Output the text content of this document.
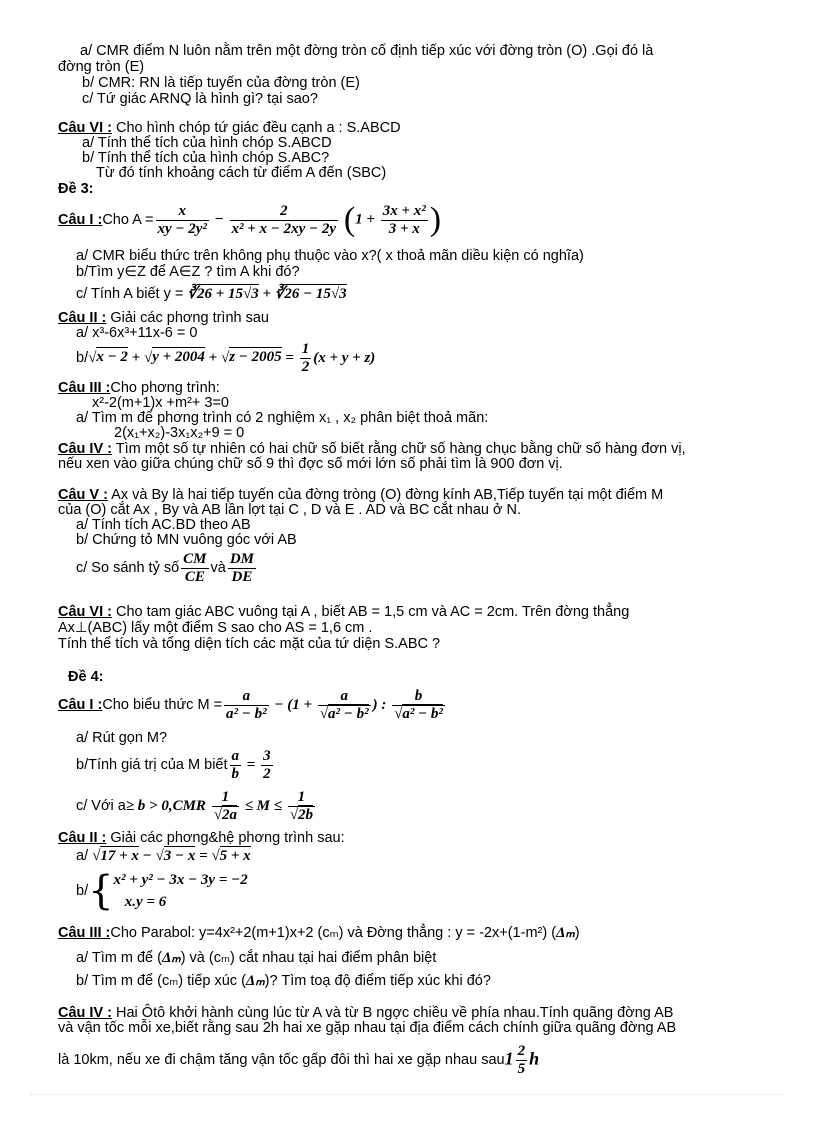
a/ CMR điểm N luôn nằm trên một đờng tròn cố định tiếp xúc với đờng tròn (O) .Gọi đó là
đờng tròn (E)
b/ CMR: RN là tiếp tuyến của đờng tròn (E)
c/ Tứ giác ARNQ là hình gì? tại sao?
Câu VI : Cho hình chóp tứ giác đều cạnh a : S.ABCD
a/ Tính thể tích của hình chóp S.ABCD
b/ Tính thể tích của hình chóp S.ABC?
Từ đó tính khoảng cách từ điểm A đến (SBC)
Đề 3:
Câu I : Cho $A = \frac{x}{\text{xy − 2y²}} - \frac{2}{\text{x² + x − 2xy − 2y}} (1 + \frac{\text{3x + x²}}{3 + x}$ )
a/ CMR biểu thức trên không phụ thuộc vào x?( x thoả mãn diều kiện có nghĩa)
b/Tìm y∈Z để A∈Z ? tìm A khi đó?
c/ Tính A biết y = ∛26 + 15√3 + ∛26 − 15√3
Câu II : Giải các phơng trình sau
a/ x³-6x³+11x-6 = 0
b/ $√x - 2 + √y + 2004 + √z - 2005 = \frac{1}{2} (x + y + z)$
Câu III :Cho phơng trình:
x²-2(m+1)x +m²+ 3=0
a/ Tìm m để phơng trình có 2 nghiệm x₁ , x₂ phân biệt thoả mãn:
2(x₁+x₂)-3x₁x₂+9 = 0
Câu IV : Tìm một số tự nhiên có hai chữ số biết rằng chữ số hàng chục bằng chữ số hàng đơn vị,
nếu xen vào giữa chúng chữ số 9 thì đợc số mới lớn số phải tìm là 900 đơn vị.
Câu V : Ax và By là hai tiếp tuyến của đờng tròng (O) đờng kính AB,Tiếp tuyến tại một điểm M
của (O) cắt Ax , By và AB lần lợt tại C , D và E . AD và BC cắt nhau ở N.
a/ Tính tích AC.BD theo AB
b/ Chứng tỏ MN vuông góc với AB
c/ So sánh tỷ số $\frac{CM}{CE}$ và $\frac{DM}{DE}$
Câu VI : Cho tam giác ABC vuông tại A , biết AB = 1,5 cm và AC = 2cm. Trên đờng thẳng
Ax⊥(ABC) lấy một điểm S sao cho AS = 1,6 cm .
Tính thể tích và tổng diện tích các mặt của tứ diện S.ABC ?
Đề 4:
Câu I : Cho biểu thức $M = \frac{a}{\text{a² − b²}} - (1 + \frac{a}{\text{√a² − b²}}$ ) : $\frac{b}{\text{√a² − b²}}$
a/ Rút gọn M?
b/Tính giá trị của M biết $\frac{a}{b} = \frac{3}{2}$
c/ Với $a \ge b > 0,CMR \frac{1}{√2a} \le M \le \frac{1}{√2b}$
Câu II : Giải các phơng&hệ phơng trình sau:
a/ √17 + x − √3 − x = √5 + x
b/ { x² + y² − 3x − 3y = −2
x.y = 6
Câu III :Cho Parabol: y=4x²+2(m+1)x+2 (cₘ) và Đờng thẳng : y = -2x+(1-m²) (Δₘ)
a/ Tìm m để (Δₘ) và (cₘ) cắt nhau tại hai điểm phân biệt
b/ Tìm m để (cₘ) tiếp xúc (Δₘ)? Tìm toạ độ điểm tiếp xúc khi đó?
Câu IV : Hai Ôtô khởi hành cùng lúc từ A và từ B ngợc chiều về phía nhau.Tính quãng đờng AB
và vận tốc mỗi xe,biết rằng sau 2h hai xe gặp nhau tại địa điểm cách chính giữa quãng đờng AB
là 10km, nếu xe đi chậm tăng vận tốc gấp đôi thì hai xe gặp nhau sau $1 \frac{2}{5}$ h
